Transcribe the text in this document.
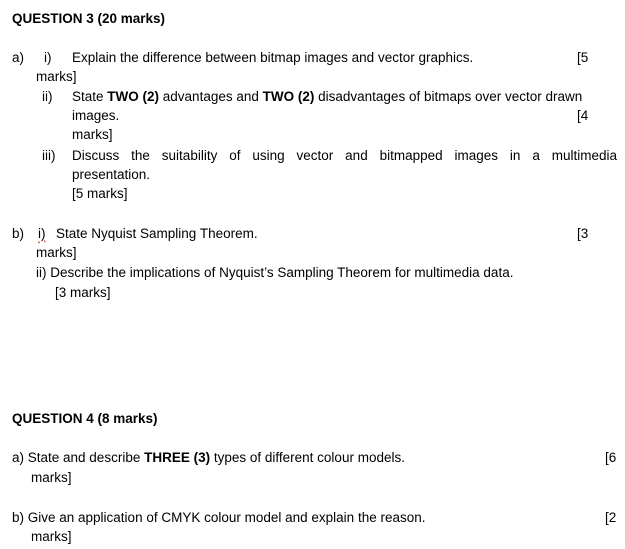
QUESTION 3 (20 marks)
a) i) Explain the difference between bitmap images and vector graphics.	[5
marks]
ii) State TWO (2) advantages and TWO (2) disadvantages of bitmaps over vector drawn
images.	[4
marks]
iii) Discuss the suitability of using vector and bitmapped images in a multimedia
presentation.
[5 marks]
b) i) State Nyquist Sampling Theorem.	[3
marks]
ii) Describe the implications of Nyquist’s Sampling Theorem for multimedia data.
[3 marks]
QUESTION 4 (8 marks)
a) State and describe THREE (3) types of different colour models.	[6
marks]
b) Give an application of CMYK colour model and explain the reason.	[2
marks]
